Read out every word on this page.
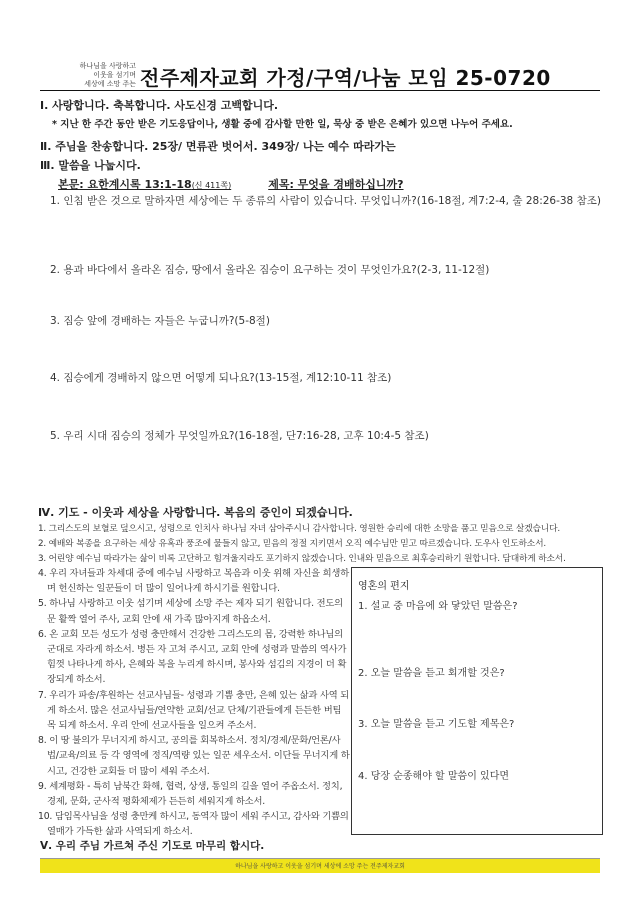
하나님을 사랑하고
이웃을 섬기며
세상에 소망 주는 전주제자교회 가정/구역/나눔 모임 25-0720
Ⅰ. 사랑합니다. 축복합니다. 사도신경 고백합니다.
* 지난 한 주간 동안 받은 기도응답이나, 생활 중에 감사할 만한 일, 묵상 중 받은 은혜가 있으면 나누어 주세요.
Ⅱ. 주님을 찬송합니다. 25장/ 면류관 벗어서. 349장/ 나는 예수 따라가는
Ⅲ. 말씀을 나눕시다.
본문: 요한계시록 13:1-18(신 411쪽)	제목: 무엇을 경배하십니까?
1. 인침 받은 것으로 말하자면 세상에는 두 종류의 사람이 있습니다. 무엇입니까?(16-18절, 계7:2-4, 출 28:26-38 참조)
2. 용과 바다에서 올라온 짐승, 땅에서 올라온 짐승이 요구하는 것이 무엇인가요?(2-3, 11-12절)
3. 짐승 앞에 경배하는 자들은 누굽니까?(5-8절)
4. 짐승에게 경배하지 않으면 어떻게 되나요?(13-15절, 계12:10-11 참조)
5. 우리 시대 짐승의 정체가 무엇일까요?(16-18절, 단7:16-28, 고후 10:4-5 참조)
Ⅳ. 기도 - 이웃과 세상을 사랑합니다. 복음의 증인이 되겠습니다.
1. 그리스도의 보혈로 덮으시고, 성령으로 인치사 하나님 자녀 삼아주시니 감사합니다. 영원한 승리에 대한 소망을 품고 믿음으로 살겠습니다.
2. 예배와 복종을 요구하는 세상 유혹과 풍조에 물들지 않고, 믿음의 정절 지키면서 오직 예수님만 믿고 따르겠습니다. 도우사 인도하소서.
3. 어린양 예수님 따라가는 삶이 비록 고단하고 힘겨울지라도 포기하지 않겠습니다. 인내와 믿음으로 최후승리하기 원합니다. 담대하게 하소서.
4. 우리 자녀들과 차세대 중에 예수님 사랑하고 복음과 이웃 위해 자신을 희생하며 헌신하는 일꾼들이 더 많이 일어나게 하시기를 원합니다.
5. 하나님 사랑하고 이웃 섬기며 세상에 소망 주는 제자 되기 원합니다. 전도의 문 활짝 열어 주사, 교회 안에 새 가족 많아지게 하옵소서.
6. 온 교회 모든 성도가 성령 충만해서 건강한 그리스도의 몸, 강력한 하나님의 군대로 자라게 하소서. 병든 자 고쳐 주시고, 교회 안에 성령과 말씀의 역사가 힘껏 나타나게 하사, 은혜와 복을 누리게 하시며, 봉사와 섬김의 지경이 더 확장되게 하소서.
7. 우리가 파송/후원하는 선교사님들- 성령과 기쁨 충만, 은혜 있는 삶과 사역 되게 하소서. 많은 선교사님들/연약한 교회/선교 단체/기관들에게 든든한 버팀목 되게 하소서. 우리 안에 선교사들을 일으켜 주소서.
8. 이 땅 불의가 무너지게 하시고, 공의를 회복하소서. 정치/경제/문화/언론/사법/교육/의료 등 각 영역에 정직/역량 있는 일꾼 세우소서. 이단들 무너지게 하시고, 건강한 교회들 더 많이 세워 주소서.
9. 세계평화 - 특히 남북간 화해, 협력, 상생, 통일의 길을 열어 주옵소서. 정치, 경제, 문화, 군사적 평화체제가 든든히 세워지게 하소서.
10. 담임목사님을 성령 충만케 하시고, 동역자 많이 세워 주시고, 감사와 기쁨의 열매가 가득한 삶과 사역되게 하소서.
영혼의 편지
1. 설교 중 마음에 와 닿았던 말씀은?
2. 오늘 말씀을 듣고 회개할 것은?
3. 오늘 말씀을 듣고 기도할 제목은?
4. 당장 순종해야 할 말씀이 있다면
Ⅴ. 우리 주님 가르쳐 주신 기도로 마무리 합시다.
하나님을 사랑하고 이웃을 섬기며 세상에 소망 주는 전주제자교회
